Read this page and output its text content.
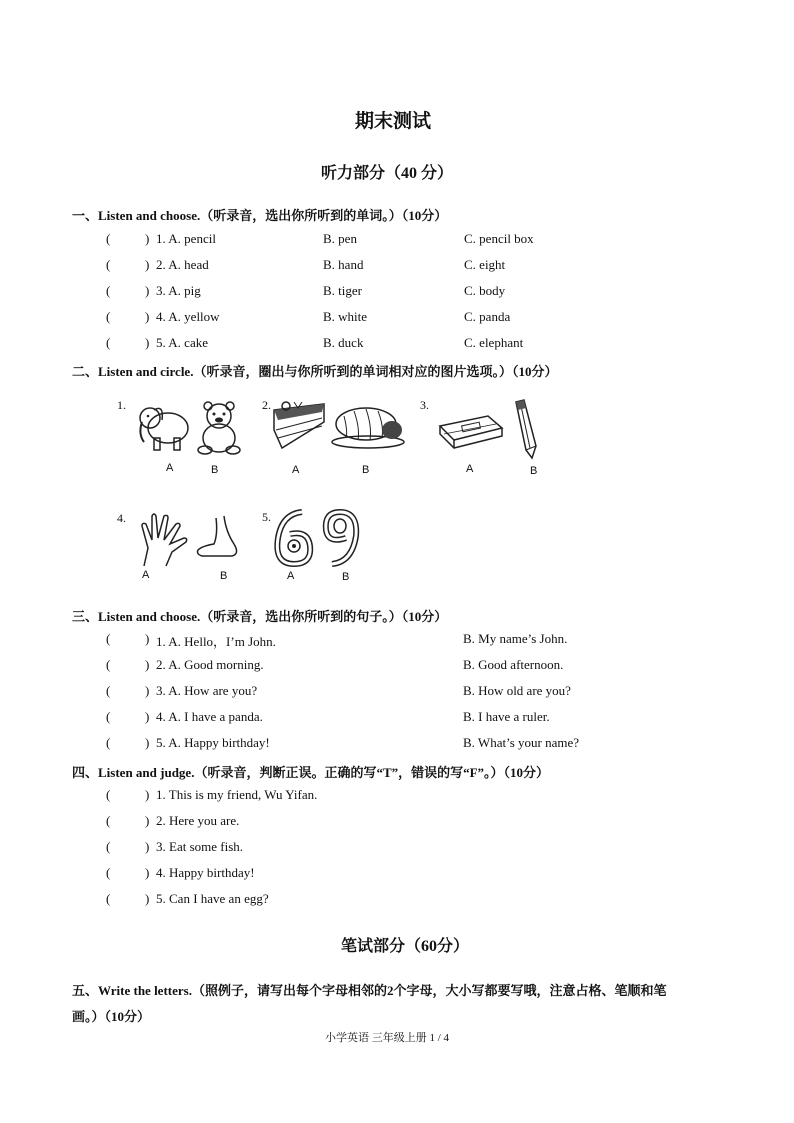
期末测试
听力部分（40 分）
一、Listen and choose.（听录音，选出你所听到的单词。）（10分）
(	) 1. A. pencil	B. pen	C. pencil box
(	) 2. A. head	B. hand	C. eight
(	) 3. A. pig	B. tiger	C. body
(	) 4. A. yellow	B. white	C. panda
(	) 5. A. cake	B. duck	C. elephant
二、Listen and circle.（听录音，圈出与你所听到的单词相对应的图片选项。）（10分）
1.
A	B
2.
A	B
3.
A	B
4.
A	B
5.
A	B
三、Listen and choose.（听录音，选出你所听到的句子。）（10分）
(	) 1. A. Hello，I’m John.	B. My name’s John.
(	) 2. A. Good morning.	B. Good afternoon.
(	) 3. A. How are you?	B. How old are you?
(	) 4. A. I have a panda.	B. I have a ruler.
(	) 5. A. Happy birthday!	B. What’s your name?
四、Listen and judge.（听录音，判断正误。正确的写“T”，错误的写“F”。）（10分）
(	) 1. This is my friend, Wu Yifan.
(	) 2. Here you are.
(	) 3. Eat some fish.
(	) 4. Happy birthday!
(	) 5. Can I have an egg?
笔试部分（60分）
五、Write the letters.（照例子，请写出每个字母相邻的2个字母，大小写都要写哦，注意占格、笔顺和笔
画。）（10分）
小学英语 三年级上册 1 / 4
